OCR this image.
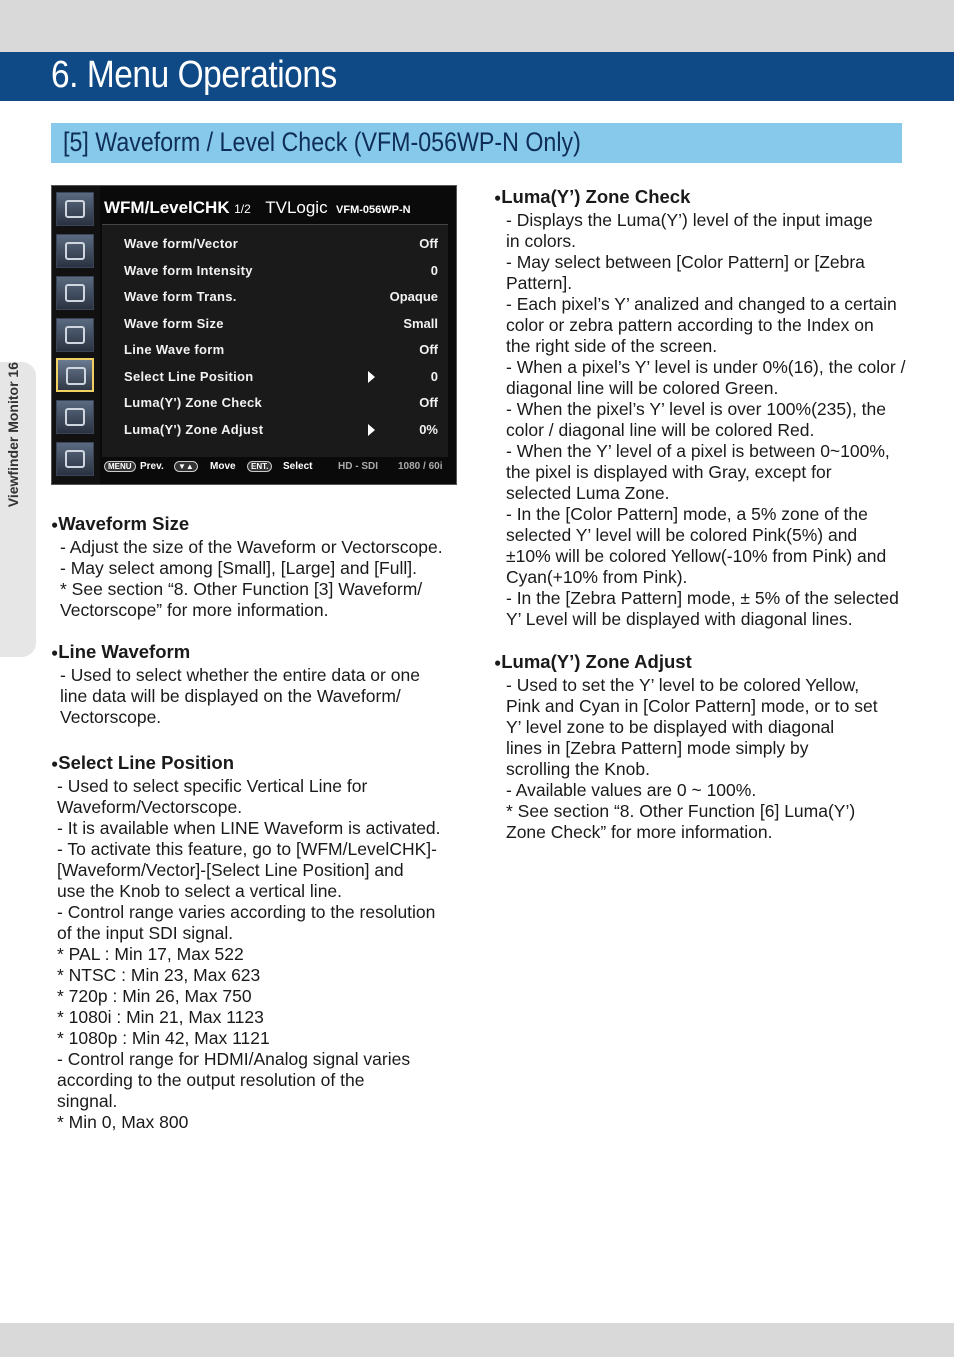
6. Menu Operations
[5] Waveform / Level Check (VFM-056WP-N Only)
Viewfinder Monitor 16
WFM/LevelCHK 1/2 TVLogic VFM-056WP-N
Wave form/Vector	Off
Wave form Intensity	0
Wave form Trans.	Opaque
Wave form Size	Small
Line Wave form	Off
Select Line Position	0
Luma(Y') Zone Check	Off
Luma(Y') Zone Adjust	0%
MENU Prev.	▼▲	Move	ENT.	Select	HD - SDI 1080 / 60i
●Waveform Size

- Adjust the size of the Waveform or Vectorscope.

- May select among [Small], [Large] and [Full].

* See section “8. Other Function [3] Waveform/

Vectorscope” for more information.

●Line Waveform

- Used to select whether the entire data or one

line data will be displayed on the Waveform/

Vectorscope.

●Select Line Position

- Used to select specific Vertical Line for

Waveform/Vectorscope.

- It is available when LINE Waveform is activated.

- To activate this feature, go to [WFM/LevelCHK]-

[Waveform/Vector]-[Select Line Position] and

use the Knob to select a vertical line.

- Control range varies according to the resolution

of the input SDI signal.

* PAL : Min 17, Max 522

* NTSC : Min 23, Max 623

* 720p : Min 26, Max 750

* 1080i : Min 21, Max 1123

* 1080p : Min 42, Max 1121

- Control range for HDMI/Analog signal varies

according to the output resolution of the

singnal.

* Min 0, Max 800

●Luma(Y’) Zone Check

- Displays the Luma(Y’) level of the input image

in colors.

- May select between [Color Pattern] or [Zebra

Pattern].

- Each pixel’s Y’ analized and changed to a certain

color or zebra pattern according to the Index on

the right side of the screen.

- When a pixel’s Y’ level is under 0%(16), the color /

diagonal line will be colored Green.

- When the pixel’s Y’ level is over 100%(235), the

color / diagonal line will be colored Red.

- When the Y’ level of a pixel is between 0~100%,

the pixel is displayed with Gray, except for

selected Luma Zone.

- In the [Color Pattern] mode, a 5% zone of the

selected Y’ level will be colored Pink(5%) and

±10% will be colored Yellow(-10% from Pink) and

Cyan(+10% from Pink).

- In the [Zebra Pattern] mode, ± 5% of the selected

Y’ Level will be displayed with diagonal lines.

●Luma(Y’) Zone Adjust

- Used to set the Y’ level to be colored Yellow,

Pink and Cyan in [Color Pattern] mode, or to set

Y’ level zone to be displayed with diagonal

lines in [Zebra Pattern] mode simply by

scrolling the Knob.

- Available values are 0 ~ 100%.

* See section “8. Other Function [6] Luma(Y’)

Zone Check” for more information.
